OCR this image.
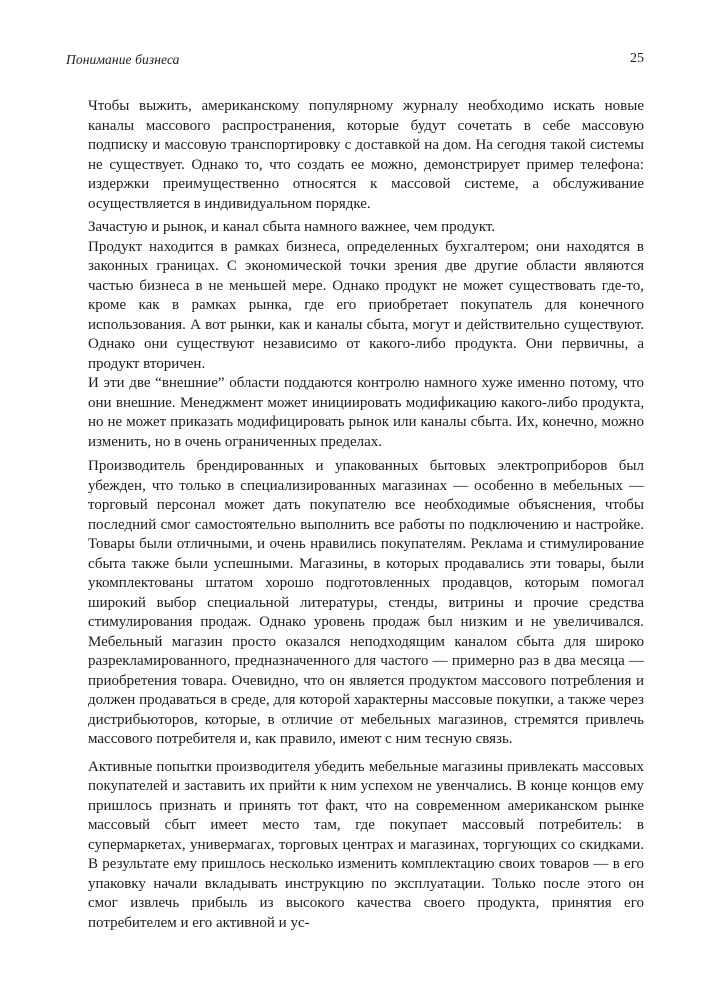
Понимание бизнеса	25

Чтобы выжить, американскому популярному журналу необходимо искать новые каналы массового распространения, которые будут сочетать в себе массовую подписку и массовую транспортировку с доставкой на дом. На сегодня такой системы не существует. Однако то, что создать ее можно, демонстрирует пример телефона: издержки преимущественно относятся к массовой системе, а обслуживание осуществляется в индивидуальном порядке.

Зачастую и рынок, и канал сбыта намного важнее, чем продукт.

Продукт находится в рамках бизнеса, определенных бухгалтером; они находятся в законных границах. С экономической точки зрения две другие области являются частью бизнеса в не меньшей мере. Однако продукт не может существовать где-то, кроме как в рамках рынка, где его приобретает покупатель для конечного использования. А вот рынки, как и каналы сбыта, могут и действительно существуют. Однако они существуют независимо от какого-либо продукта. Они первичны, а продукт вторичен.

И эти две “внешние” области поддаются контролю намного хуже именно потому, что они внешние. Менеджмент может инициировать модификацию какого-либо продукта, но не может приказать модифицировать рынок или каналы сбыта. Их, конечно, можно изменить, но в очень ограниченных пределах.

Производитель брендированных и упакованных бытовых электроприборов был убежден, что только в специализированных магазинах — особенно в мебельных — торговый персонал может дать покупателю все необходимые объяснения, чтобы последний смог самостоятельно выполнить все работы по подключению и настройке. Товары были отличными, и очень нравились покупателям. Реклама и стимулирование сбыта также были успешными. Магазины, в которых продавались эти товары, были укомплектованы штатом хорошо подготовленных продавцов, которым помогал широкий выбор специальной литературы, стенды, витрины и прочие средства стимулирования продаж. Однако уровень продаж был низким и не увеличивался. Мебельный магазин просто оказался неподходящим каналом сбыта для широко разрекламированного, предназначенного для частого — примерно раз в два месяца — приобретения товара. Очевидно, что он является продуктом массового потребления и должен продаваться в среде, для которой характерны массовые покупки, а также через дистрибьюторов, которые, в отличие от мебельных магазинов, стремятся привлечь массового потребителя и, как правило, имеют с ним тесную связь.

Активные попытки производителя убедить мебельные магазины привлекать массовых покупателей и заставить их прийти к ним успехом не увенчались. В конце концов ему пришлось признать и принять тот факт, что на современном американском рынке массовый сбыт имеет место там, где покупает массовый потребитель: в супермаркетах, универмагах, торговых центрах и магазинах, торгующих со скидками. В результате ему пришлось несколько изменить комплектацию своих товаров — в его упаковку начали вкладывать инструкцию по эксплуатации. Только после этого он смог извлечь прибыль из высокого качества своего продукта, принятия его потребителем и его активной и ус-
